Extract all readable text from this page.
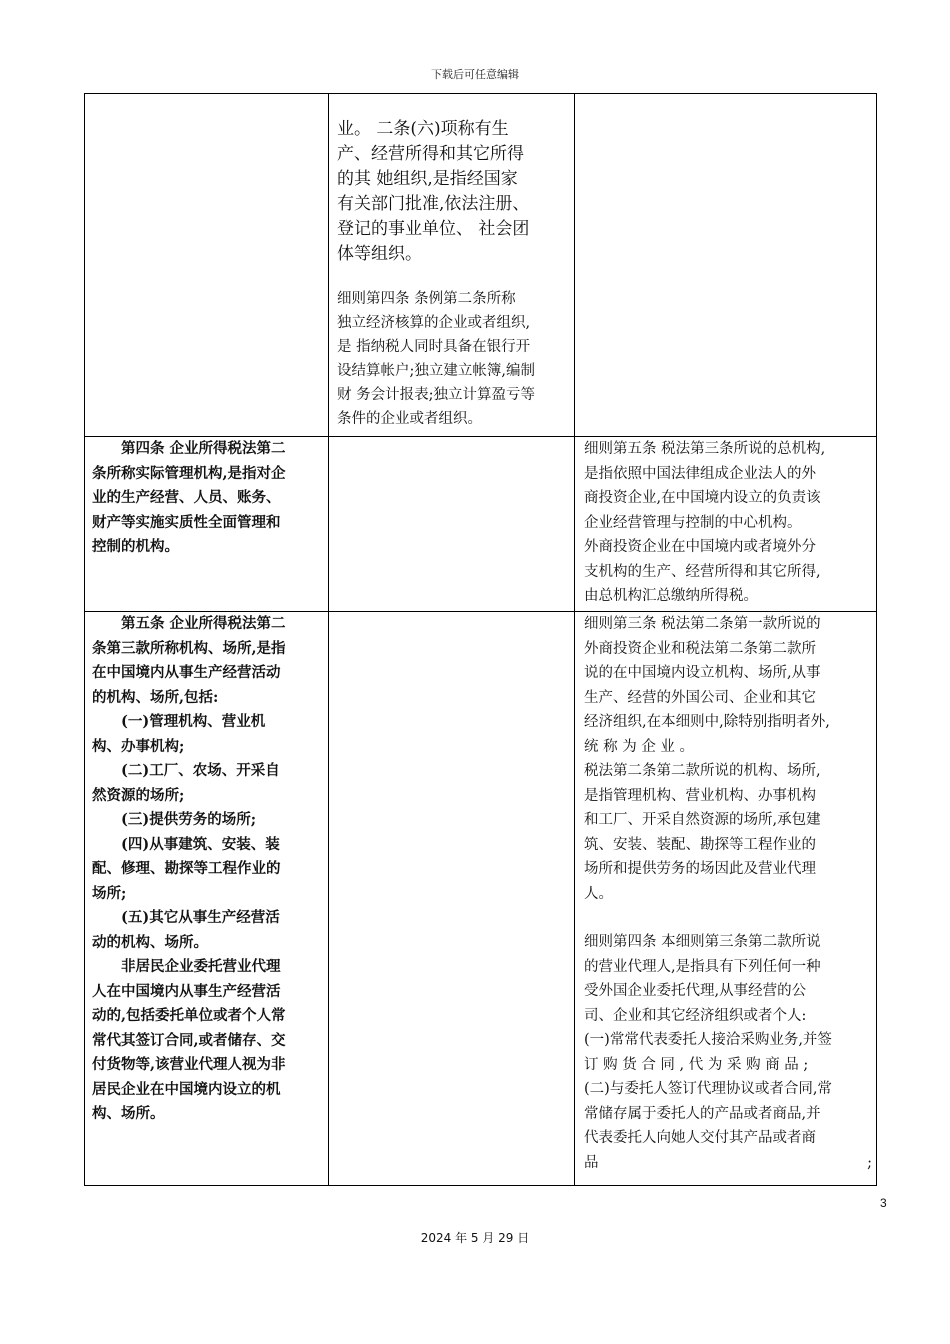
下载后可任意编辑

业。 二条(六)项称有生

产、经营所得和其它所得

的其 她组织,是指经国家

有关部门批准,依法注册、

登记的事业单位、 社会团

体等组织。

细则第四条 条例第二条所称

独立经济核算的企业或者组织,

是 指纳税人同时具备在银行开

设结算帐户;独立建立帐簿,编制

财 务会计报表;独立计算盈亏等

条件的企业或者组织。

第四条 企业所得税法第二

条所称实际管理机构,是指对企

业的生产经营、人员、账务、

财产等实施实质性全面管理和

控制的机构。

细则第五条 税法第三条所说的总机构,

是指依照中国法律组成企业法人的外

商投资企业,在中国境内设立的负责该

企业经营管理与控制的中心机构。

外商投资企业在中国境内或者境外分

支机构的生产、经营所得和其它所得,

由总机构汇总缴纳所得税。

第五条 企业所得税法第二

条第三款所称机构、场所,是指

在中国境内从事生产经营活动

的机构、场所,包括:

(一)管理机构、营业机

构、办事机构;

(二)工厂、农场、开采自

然资源的场所;

(三)提供劳务的场所;

(四)从事建筑、安装、装

配、修理、勘探等工程作业的

场所;

(五)其它从事生产经营活

动的机构、场所。

非居民企业委托营业代理

人在中国境内从事生产经营活

动的,包括委托单位或者个人常

常代其签订合同,或者储存、交

付货物等,该营业代理人视为非

居民企业在中国境内设立的机

构、场所。

细则第三条 税法第二条第一款所说的

外商投资企业和税法第二条第二款所

说的在中国境内设立机构、场所,从事

生产、经营的外国公司、企业和其它

经济组织,在本细则中,除特别指明者外,

统 称 为 企 业 。

税法第二条第二款所说的机构、场所,

是指管理机构、营业机构、办事机构

和工厂、开采自然资源的场所,承包建

筑、安装、装配、勘探等工程作业的

场所和提供劳务的场因此及营业代理

人。

细则第四条 本细则第三条第二款所说

的营业代理人,是指具有下列任何一种

受外国企业委托代理,从事经营的公

司、企业和其它经济组织或者个人:

(一)常常代表委托人接洽采购业务,并签

订 购 货 合 同 , 代 为 采 购 商 品 ;

(二)与委托人签订代理协议或者合同,常

常储存属于委托人的产品或者商品,并

代表委托人向她人交付其产品或者商

品	;

3
2024 年 5 月 29 日
